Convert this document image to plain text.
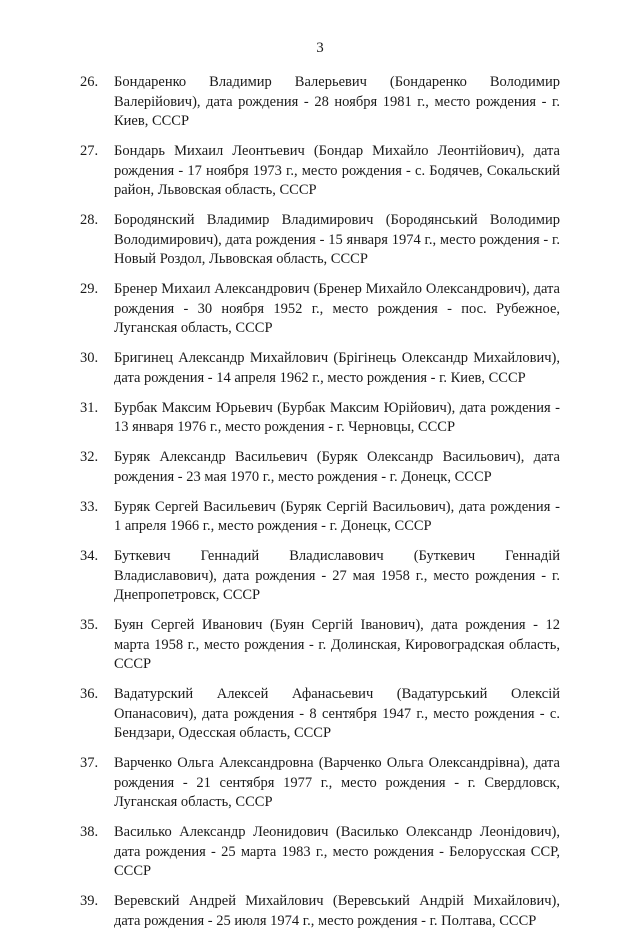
3
26.	Бондаренко Владимир Валерьевич (Бондаренко Володимир Валерійович), дата рождения - 28 ноября 1981 г., место рождения - г. Киев, СССР
27.	Бондарь Михаил Леонтьевич (Бондар Михайло Леонтійович), дата рождения - 17 ноября 1973 г., место рождения - с. Бодячев, Сокальский район, Львовская область, СССР
28.	Бородянский Владимир Владимирович (Бородянський Володимир Володимирович), дата рождения - 15 января 1974 г., место рождения - г. Новый Роздол, Львовская область, СССР
29.	Бренер Михаил Александрович (Бренер Михайло Олександрович), дата рождения - 30 ноября 1952 г., место рождения - пос. Рубежное, Луганская область, СССР
30.	Бригинец Александр Михайлович (Брігінець Олександр Михайлович), дата рождения - 14 апреля 1962 г., место рождения - г. Киев, СССР
31.	Бурбак Максим Юрьевич (Бурбак Максим Юрійович), дата рождения - 13 января 1976 г., место рождения - г. Черновцы, СССР
32.	Буряк Александр Васильевич (Буряк Олександр Васильович), дата рождения - 23 мая 1970 г., место рождения - г. Донецк, СССР
33.	Буряк Сергей Васильевич (Буряк Сергій Васильович), дата рождения - 1 апреля 1966 г., место рождения - г. Донецк, СССР
34.	Буткевич Геннадий Владиславович (Буткевич Геннадій Владиславович), дата рождения - 27 мая 1958 г., место рождения - г. Днепропетровск, СССР
35.	Буян Сергей Иванович (Буян Сергій Іванович), дата рождения - 12 марта 1958 г., место рождения - г. Долинская, Кировоградская область, СССР
36.	Вадатурский Алексей Афанасьевич (Вадатурський Олексій Опанасович), дата рождения - 8 сентября 1947 г., место рождения - с. Бендзари, Одесская область, СССР
37.	Варченко Ольга Александровна (Варченко Ольга Олександрівна), дата рождения - 21 сентября 1977 г., место рождения - г. Свердловск, Луганская область, СССР
38.	Василько Александр Леонидович (Василько Олександр Леонідович), дата рождения - 25 марта 1983 г., место рождения - Белорусская ССР, СССР
39.	Веревский Андрей Михайлович (Веревський Андрій Михайлович), дата рождения - 25 июля 1974 г., место рождения - г. Полтава, СССР
